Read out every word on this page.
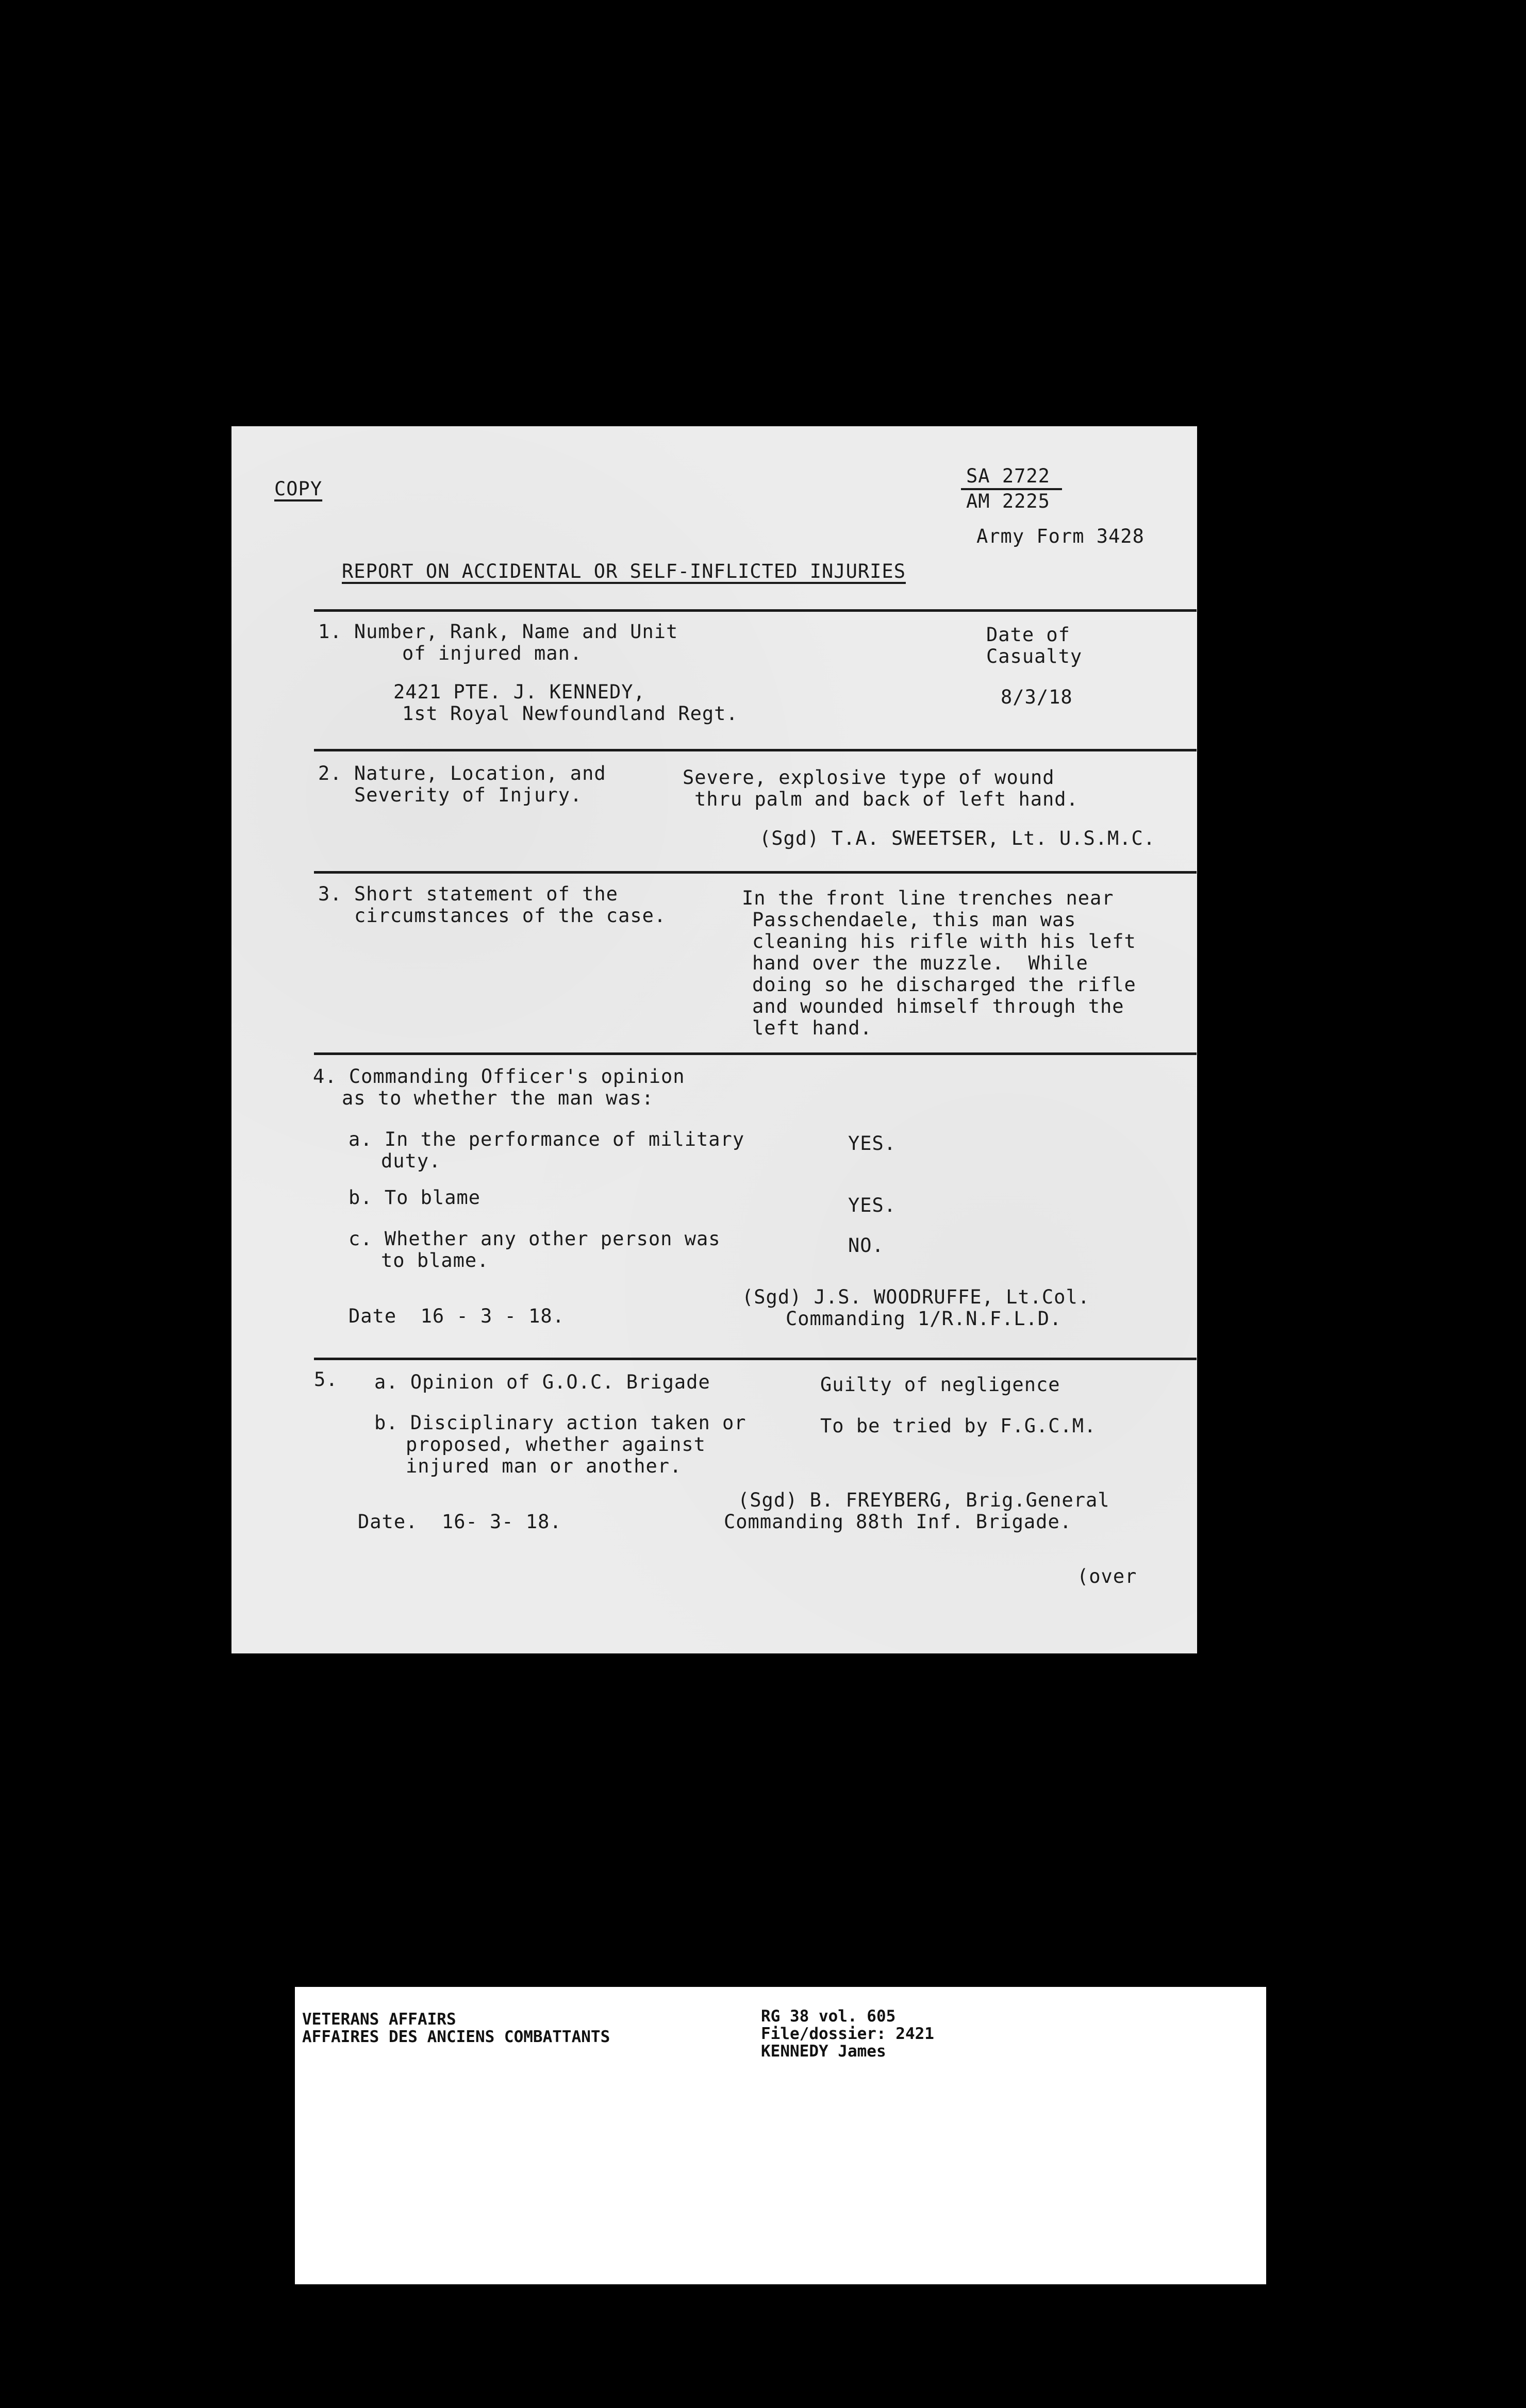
COPY
SA 2722
AM 2225
Army Form 3428
REPORT ON ACCIDENTAL OR SELF-INFLICTED INJURIES
1. Number, Rank, Name and Unit
of injured man.
Date of
Casualty
2421 PTE. J. KENNEDY,
1st Royal Newfoundland Regt.
8/3/18
2. Nature, Location, and
Severity of Injury.
Severe, explosive type of wound
thru palm and back of left hand.
(Sgd) T.A. SWEETSER, Lt. U.S.M.C.
3. Short statement of the
circumstances of the case.
In the front line trenches near
Passchendaele, this man was
cleaning his rifle with his left
hand over the muzzle.  While
doing so he discharged the rifle
and wounded himself through the
left hand.
4. Commanding Officer's opinion
as to whether the man was:
a. In the performance of military
duty.
YES.
b. To blame	YES.
c. Whether any other person was
to blame.
NO.
Date  16 - 3 - 18.
(Sgd) J.S. WOODRUFFE, Lt.Col.
Commanding 1/R.N.F.L.D.
5. a. Opinion of G.O.C. Brigade	Guilty of negligence
b. Disciplinary action taken or
proposed, whether against
injured man or another.
To be tried by F.G.C.M.
Date.  16- 3- 18.
(Sgd) B. FREYBERG, Brig.General
Commanding 88th Inf. Brigade.
(over
VETERANS AFFAIRS
AFFAIRES DES ANCIENS COMBATTANTS
RG 38 vol. 605
File/dossier: 2421
KENNEDY James
